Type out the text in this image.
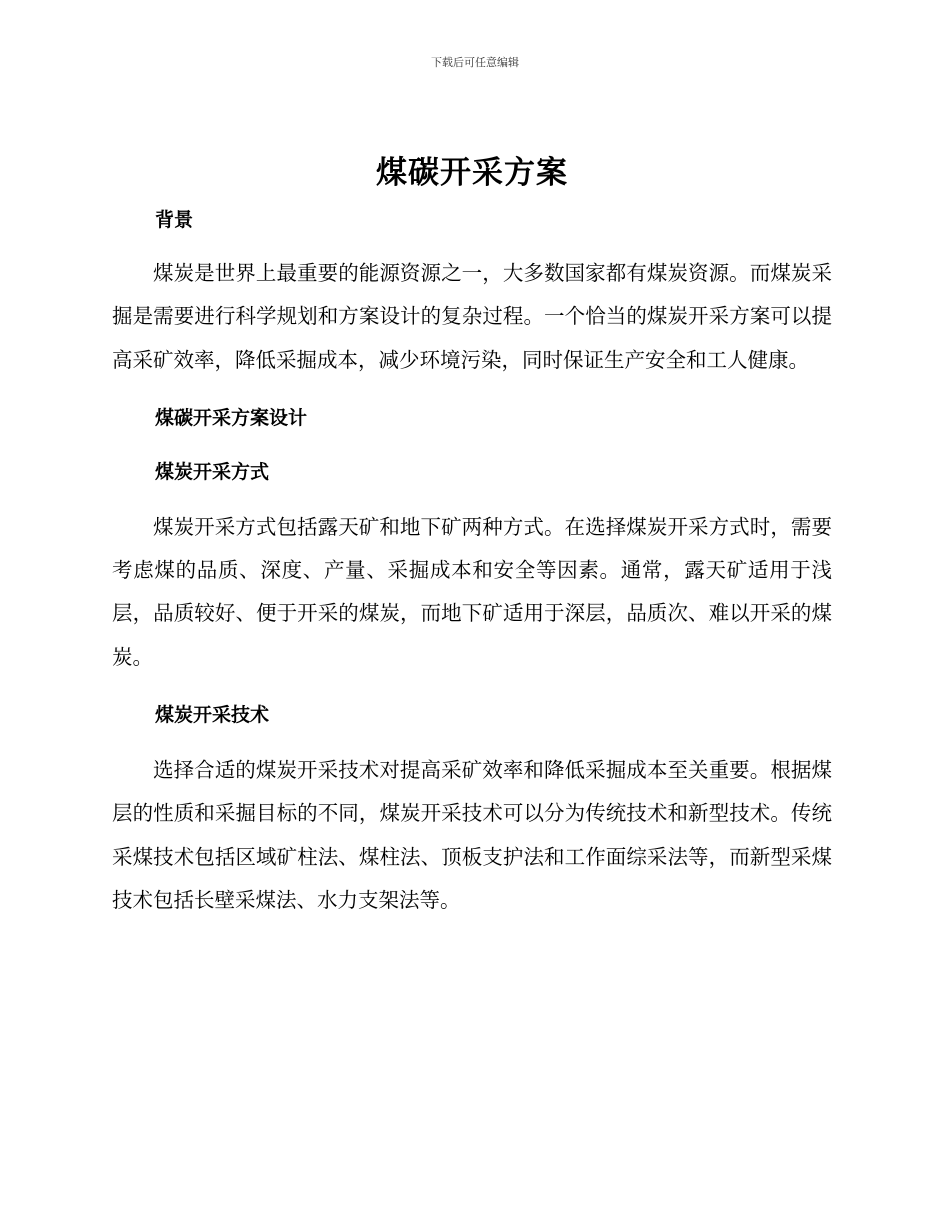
下载后可任意编辑
煤碳开采方案
背景

煤炭是世界上最重要的能源资源之一，大多数国家都有煤炭资源。而煤炭采掘是需要进行科学规划和方案设计的复杂过程。一个恰当的煤炭开采方案可以提高采矿效率，降低采掘成本，减少环境污染，同时保证生产安全和工人健康。

煤碳开采方案设计
煤炭开采方式

煤炭开采方式包括露天矿和地下矿两种方式。在选择煤炭开采方式时，需要考虑煤的品质、深度、产量、采掘成本和安全等因素。通常，露天矿适用于浅层，品质较好、便于开采的煤炭，而地下矿适用于深层，品质次、难以开采的煤炭。

煤炭开采技术

选择合适的煤炭开采技术对提高采矿效率和降低采掘成本至关重要。根据煤层的性质和采掘目标的不同，煤炭开采技术可以分为传统技术和新型技术。传统采煤技术包括区域矿柱法、煤柱法、顶板支护法和工作面综采法等，而新型采煤技术包括长壁采煤法、水力支架法等。
